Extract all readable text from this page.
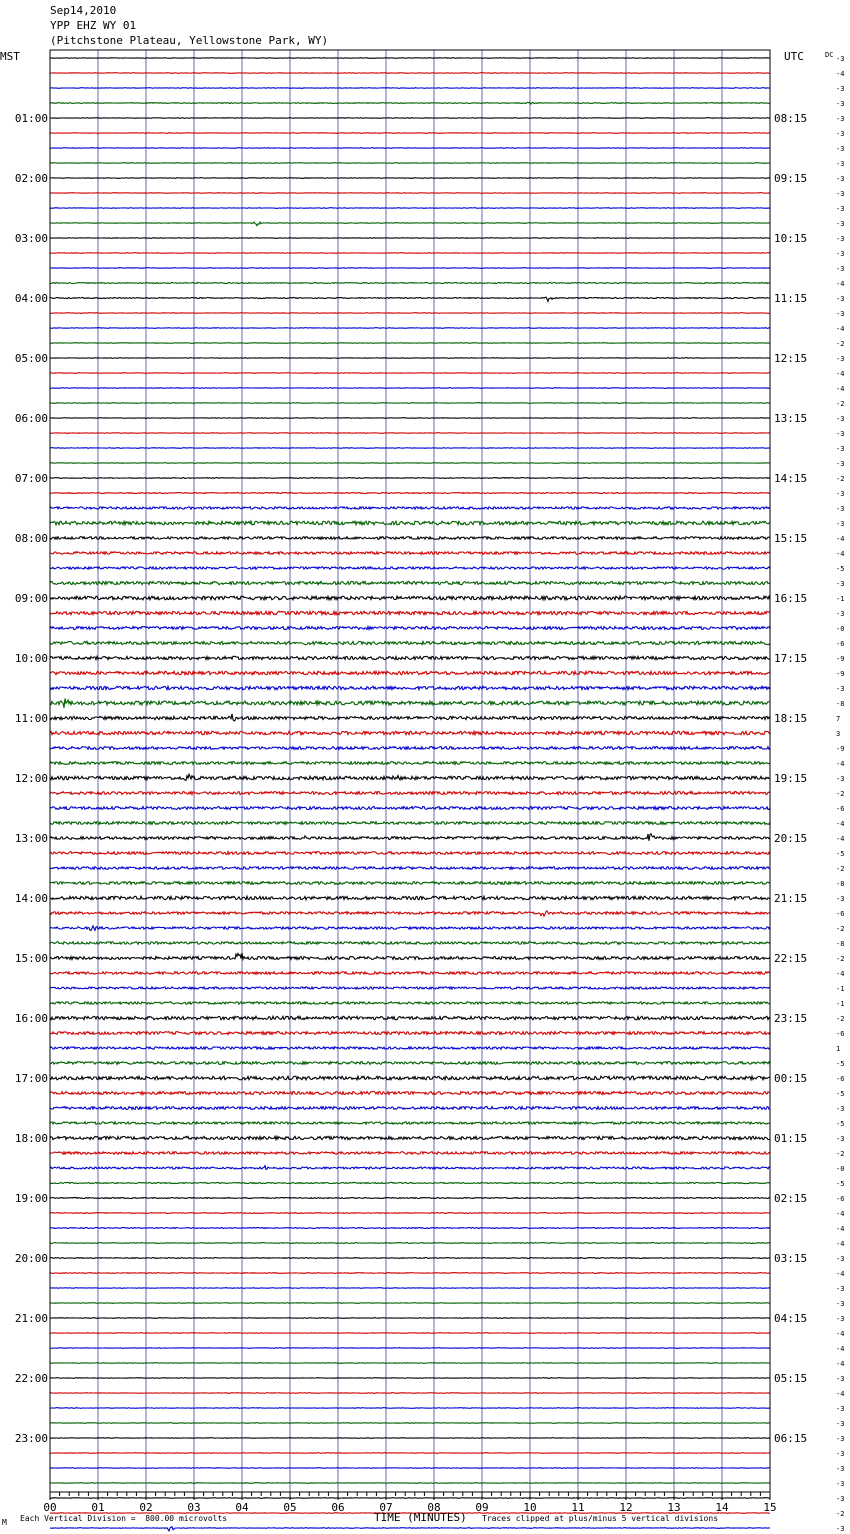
Sep14,2010
YPP EHZ WY 01
(Pitchstone Plateau, Yellowstone Park, WY)
-3
-4
-3
-3
-3
-3
-3
-3
-3
-3
-3
-3
-3
-3
-3
-4
-3
-3
-4
-2
-3
-4
-4
-2
-3
-3
-3
-3
-2
-3
-3
-3
-4
-4
-5
-3
-1
-3
-0
-6
-9
-9
-3
-8
7
3
-9
-4
-3
-2
-6
-4
-4
-5
-2
-8
-3
-6
-2
-8
-2
-4
-1
-1
-2
-6
1
-5
-6
-5
-3
-5
-3
-2
-0
-5
-6
-4
-4
-4
-3
-4
-3
-3
-3
-4
-4
-4
-3
-4
-3
-3
-3
-3
-3
-3
-3
-2
-3
MST	UTC	DC
01:00
02:00
03:00
04:00
05:00
06:00
07:00
08:00
09:00
10:00
11:00
12:00
13:00
14:00
15:00
16:00
17:00
18:00
19:00
20:00
21:00
22:00
23:00
08:15
09:15
10:15
11:15
12:15
13:15
14:15
15:15
16:15
17:15
18:15
19:15
20:15
21:15
22:15
23:15
00:15
01:15
02:15
03:15
04:15
05:15
06:15
00	01	02	03	04	05	06	07	08	09	10	11	12	13	14	15
M Each Vertical Division =  800.00 microvolts	TIME (MINUTES) Traces clipped at plus/minus 5 vertical divisions
